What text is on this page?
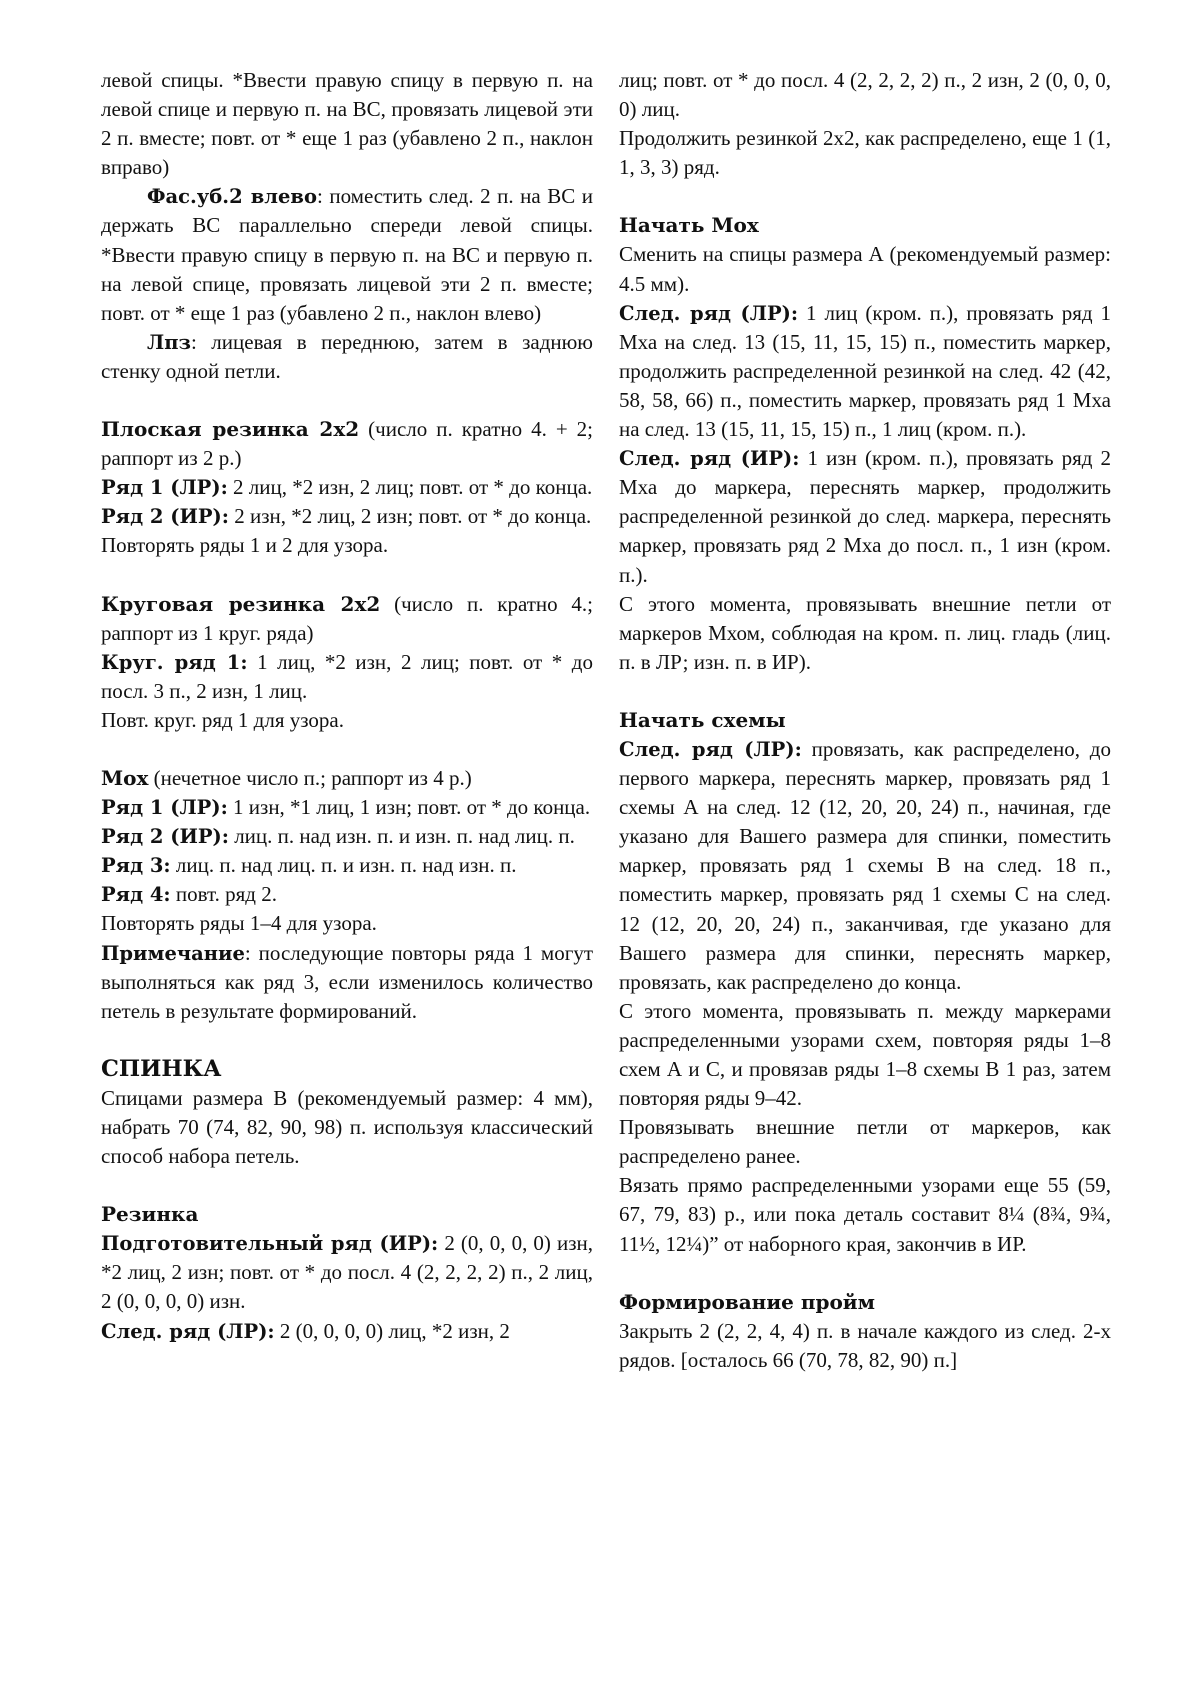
левой спицы. *Ввести правую спицу в первую п. на левой спице и первую п. на ВС, провязать лицевой эти 2 п. вместе; повт. от * еще 1 раз (убавлено 2 п., наклон вправо)

Фас.уб.2 влево: поместить след. 2 п. на ВС и держать ВС параллельно спереди левой спицы. *Ввести правую спицу в первую п. на ВС и первую п. на левой спице, провязать лицевой эти 2 п. вместе; повт. от * еще 1 раз (убавлено 2 п., наклон влево)

Лпз: лицевая в переднюю, затем в заднюю стенку одной петли.

Плоская резинка 2х2 (число п. кратно 4. + 2; раппорт из 2 р.)

Ряд 1 (ЛР): 2 лиц, *2 изн, 2 лиц; повт. от * до конца.

Ряд 2 (ИР): 2 изн, *2 лиц, 2 изн; повт. от * до конца.

Повторять ряды 1 и 2 для узора.

Круговая резинка 2х2 (число п. кратно 4.; раппорт из 1 круг. ряда)

Круг. ряд 1: 1 лиц, *2 изн, 2 лиц; повт. от * до посл. 3 п., 2 изн, 1 лиц.

Повт. круг. ряд 1 для узора.

Мох (нечетное число п.; раппорт из 4 р.)

Ряд 1 (ЛР): 1 изн, *1 лиц, 1 изн; повт. от * до конца.

Ряд 2 (ИР): лиц. п. над изн. п. и изн. п. над лиц. п.

Ряд 3: лиц. п. над лиц. п. и изн. п. над изн. п.

Ряд 4: повт. ряд 2.

Повторять ряды 1–4 для узора.

Примечание: последующие повторы ряда 1 могут выполняться как ряд 3, если изменилось количество петель в результате формирований.

СПИНКА

Спицами размера В (рекомендуемый размер: 4 мм), набрать 70 (74, 82, 90, 98) п. используя классический способ набора петель.

Резинка

Подготовительный ряд (ИР): 2 (0, 0, 0, 0) изн, *2 лиц, 2 изн; повт. от * до посл. 4 (2, 2, 2, 2) п., 2 лиц, 2 (0, 0, 0, 0) изн.

След. ряд (ЛР): 2 (0, 0, 0, 0) лиц, *2 изн, 2

лиц; повт. от * до посл. 4 (2, 2, 2, 2) п., 2 изн, 2 (0, 0, 0, 0) лиц.

Продолжить резинкой 2х2, как распределено, еще 1 (1, 1, 3, 3) ряд.

Начать Мох

Сменить на спицы размера А (рекомендуемый размер: 4.5 мм).

След. ряд (ЛР): 1 лиц (кром. п.), провязать ряд 1 Мха на след. 13 (15, 11, 15, 15) п., поместить маркер, продолжить распределенной резинкой на след. 42 (42, 58, 58, 66) п., поместить маркер, провязать ряд 1 Мха на след. 13 (15, 11, 15, 15) п., 1 лиц (кром. п.).

След. ряд (ИР): 1 изн (кром. п.), провязать ряд 2 Мха до маркера, переснять маркер, продолжить распределенной резинкой до след. маркера, переснять маркер, провязать ряд 2 Мха до посл. п., 1 изн (кром. п.).

С этого момента, провязывать внешние петли от маркеров Мхом, соблюдая на кром. п. лиц. гладь (лиц. п. в ЛР; изн. п. в ИР).

Начать схемы

След. ряд (ЛР): провязать, как распределено, до первого маркера, переснять маркер, провязать ряд 1 схемы А на след. 12 (12, 20, 20, 24) п., начиная, где указано для Вашего размера для спинки, поместить маркер, провязать ряд 1 схемы В на след. 18 п., поместить маркер, провязать ряд 1 схемы С на след. 12 (12, 20, 20, 24) п., заканчивая, где указано для Вашего размера для спинки, переснять маркер, провязать, как распределено до конца.

С этого момента, провязывать п. между маркерами распределенными узорами схем, повторяя ряды 1–8 схем А и С, и провязав ряды 1–8 схемы В 1 раз, затем повторяя ряды 9–42.

Провязывать внешние петли от маркеров, как распределено ранее.

Вязать прямо распределенными узорами еще 55 (59, 67, 79, 83) р., или пока деталь составит 8¼ (8¾, 9¾, 11½, 12¼)” от наборного края, закончив в ИР.

Формирование пройм

Закрыть 2 (2, 2, 4, 4) п. в начале каждого из след. 2-х рядов. [осталось 66 (70, 78, 82, 90) п.]
